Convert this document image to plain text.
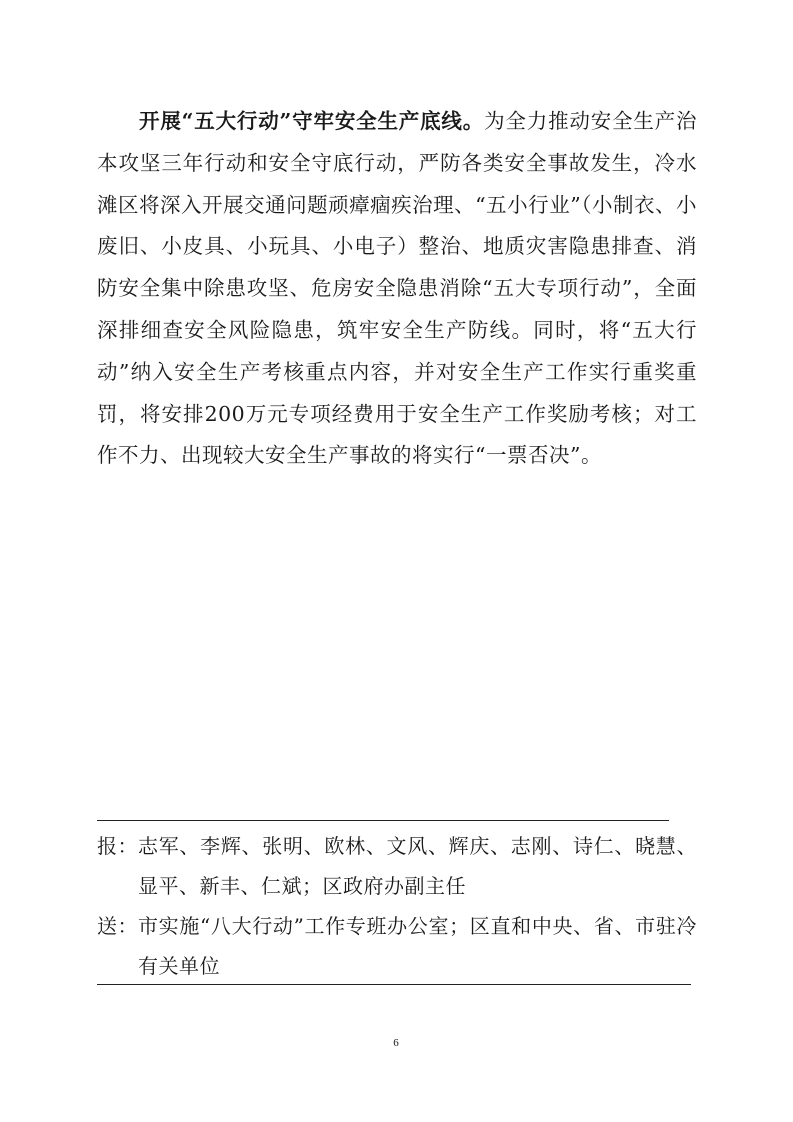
开展“五大行动”守牢安全生产底线。为全力推动安全生产治本攻坚三年行动和安全守底行动，严防各类安全事故发生，冷水滩区将深入开展交通问题顽瘴痼疾治理、“五小行业”（小制衣、小废旧、小皮具、小玩具、小电子）整治、地质灾害隐患排查、消防安全集中除患攻坚、危房安全隐患消除“五大专项行动”，全面深排细查安全风险隐患，筑牢安全生产防线。同时，将“五大行动”纳入安全生产考核重点内容，并对安全生产工作实行重奖重罚，将安排200万元专项经费用于安全生产工作奖励考核；对工作不力、出现较大安全生产事故的将实行“一票否决”。

报： 志军、李辉、张明、欧林、文风、辉庆、志刚、诗仁、晓慧、显平、新丰、仁斌；区政府办副主任
送： 市实施“八大行动”工作专班办公室；区直和中央、省、市驻冷有关单位
6
